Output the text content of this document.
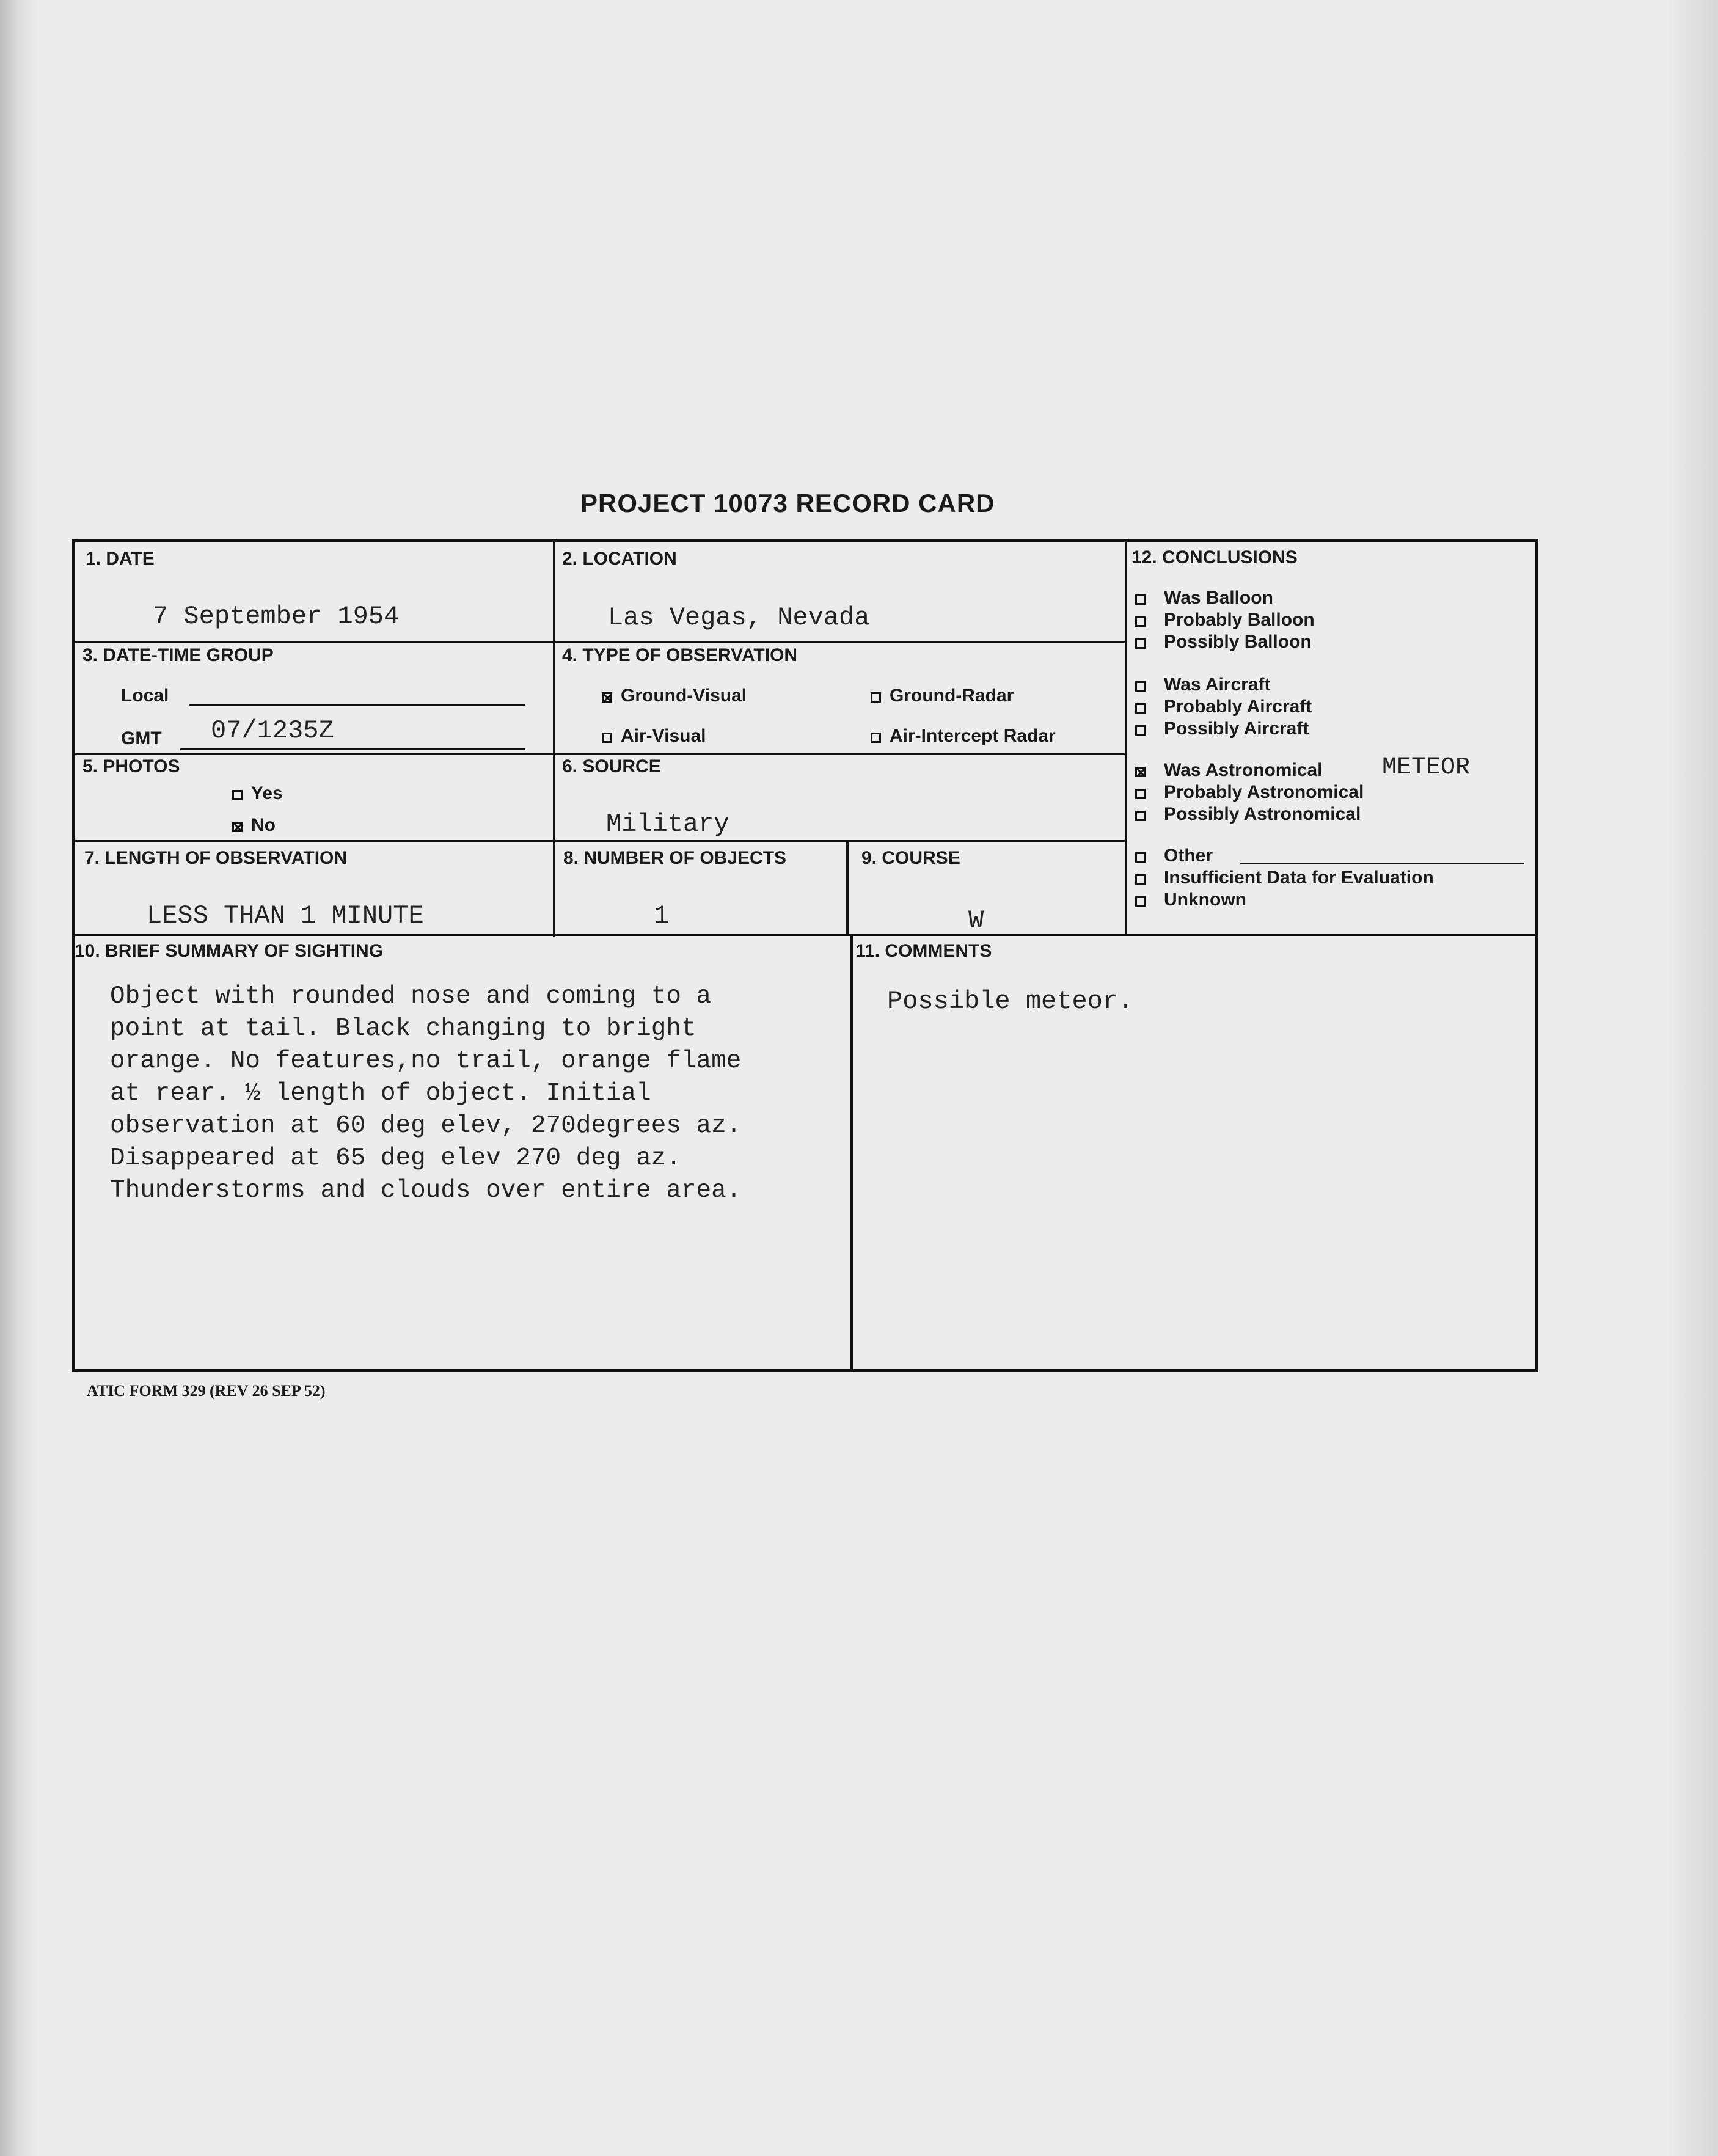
PROJECT 10073 RECORD CARD
1. DATE
7 September 1954
2. LOCATION
Las Vegas, Nevada
3. DATE-TIME GROUP
Local
GMT 07/1235Z
4. TYPE OF OBSERVATION
Ground-Visual	Ground-Radar
Air-Visual	Air-Intercept Radar
5. PHOTOS
Yes
No
6. SOURCE
Military
7. LENGTH OF OBSERVATION
LESS THAN 1 MINUTE
8. NUMBER OF OBJECTS
1
9. COURSE
W
10. BRIEF SUMMARY OF SIGHTING
Object with rounded nose and coming to a
point at tail. Black changing to bright
orange. No features,no trail, orange flame
at rear. ½ length of object. Initial
observation at 60 deg elev, 270degrees az.
Disappeared at 65 deg elev 270 deg az.
Thunderstorms and clouds over entire area.
11. COMMENTS
Possible meteor.
12. CONCLUSIONS
Was Balloon
Probably Balloon
Possibly Balloon
Was Aircraft
Probably Aircraft
Possibly Aircraft
Was Astronomical METEOR
Probably Astronomical
Possibly Astronomical
Other
Insufficient Data for Evaluation
Unknown
ATIC FORM 329 (REV 26 SEP 52)
